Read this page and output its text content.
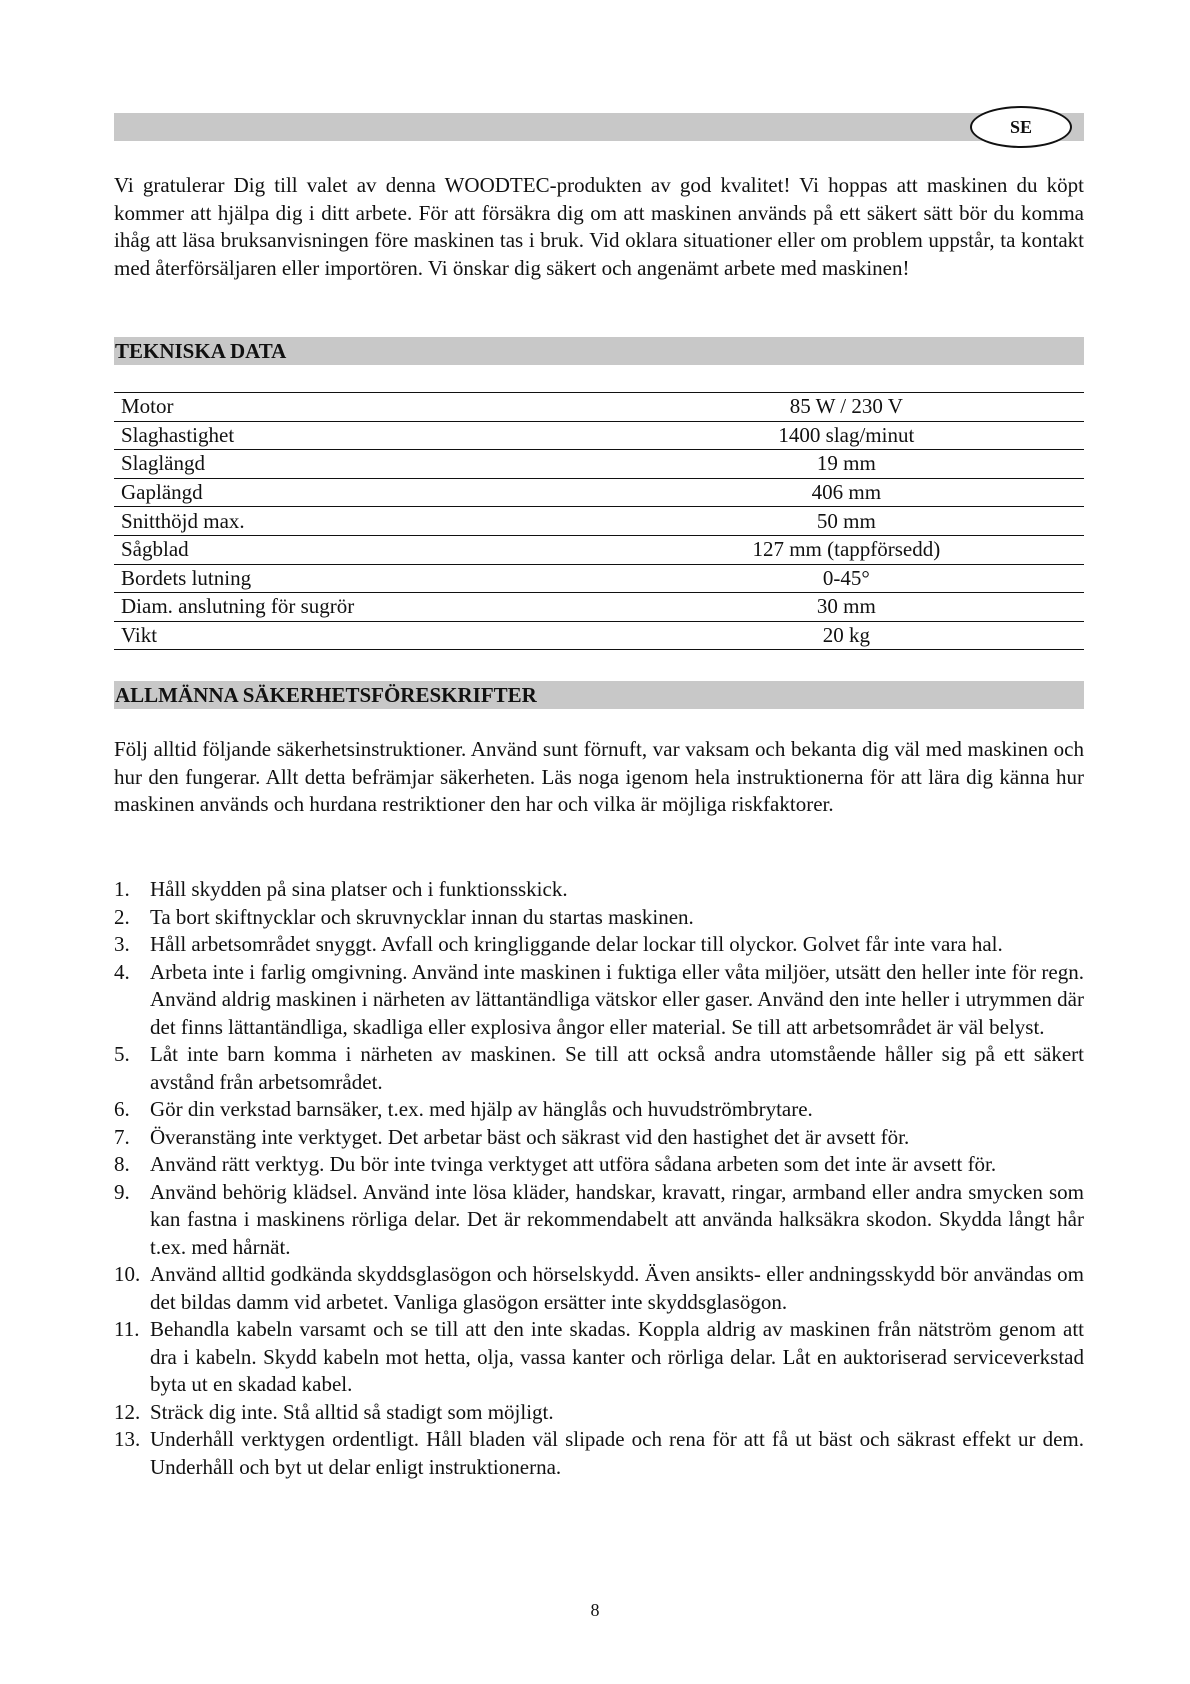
SE

Vi gratulerar Dig till valet av denna WOODTEC-produkten av god kvalitet! Vi hoppas att maskinen du köpt kommer att hjälpa dig i ditt arbete. För att försäkra dig om att maskinen används på ett säkert sätt bör du komma ihåg att läsa bruksanvisningen före maskinen tas i bruk. Vid oklara situationer eller om problem uppstår, ta kontakt med återförsäljaren eller importören. Vi önskar dig säkert och angenämt arbete med maskinen!

TEKNISKA DATA
Motor	85 W / 230 V
Slaghastighet	1400 slag/minut
Slaglängd	19 mm
Gaplängd	406 mm
Snitthöjd max.	50 mm
Sågblad	127 mm (tappförsedd)
Bordets lutning	0-45°
Diam. anslutning för sugrör	30 mm
Vikt	20 kg
ALLMÄNNA SÄKERHETSFÖRESKRIFTER

Följ alltid följande säkerhetsinstruktioner. Använd sunt förnuft, var vaksam och bekanta dig väl med maskinen och hur den fungerar. Allt detta befrämjar säkerheten. Läs noga igenom hela instruktionerna för att lära dig känna hur maskinen används och hurdana restriktioner den har och vilka är möjliga riskfaktorer.

1. Håll skydden på sina platser och i funktionsskick.
2. Ta bort skiftnycklar och skruvnycklar innan du startas maskinen.
3. Håll arbetsområdet snyggt. Avfall och kringliggande delar lockar till olyckor. Golvet får inte vara hal.
4. Arbeta inte i farlig omgivning. Använd inte maskinen i fuktiga eller våta miljöer, utsätt den heller inte för regn. Använd aldrig maskinen i närheten av lättantändliga vätskor eller gaser. Använd den inte heller i utrymmen där det finns lättantändliga, skadliga eller explosiva ångor eller material. Se till att arbetsområdet är väl belyst.
5. Låt inte barn komma i närheten av maskinen. Se till att också andra utomstående håller sig på ett säkert avstånd från arbetsområdet.
6. Gör din verkstad barnsäker, t.ex. med hjälp av hänglås och huvudströmbrytare.
7. Överanstäng inte verktyget. Det arbetar bäst och säkrast vid den hastighet det är avsett för.
8. Använd rätt verktyg. Du bör inte tvinga verktyget att utföra sådana arbeten som det inte är avsett för.
9. Använd behörig klädsel. Använd inte lösa kläder, handskar, kravatt, ringar, armband eller andra smycken som kan fastna i maskinens rörliga delar. Det är rekommendabelt att använda halksäkra skodon. Skydda långt hår t.ex. med hårnät.
10. Använd alltid godkända skyddsglasögon och hörselskydd. Även ansikts- eller andningsskydd bör användas om det bildas damm vid arbetet. Vanliga glasögon ersätter inte skyddsglasögon.
11. Behandla kabeln varsamt och se till att den inte skadas. Koppla aldrig av maskinen från nätström genom att dra i kabeln. Skydd kabeln mot hetta, olja, vassa kanter och rörliga delar. Låt en auktoriserad serviceverkstad byta ut en skadad kabel.
12. Sträck dig inte. Stå alltid så stadigt som möjligt.
13. Underhåll verktygen ordentligt. Håll bladen väl slipade och rena för att få ut bäst och säkrast effekt ur dem. Underhåll och byt ut delar enligt instruktionerna.
8
